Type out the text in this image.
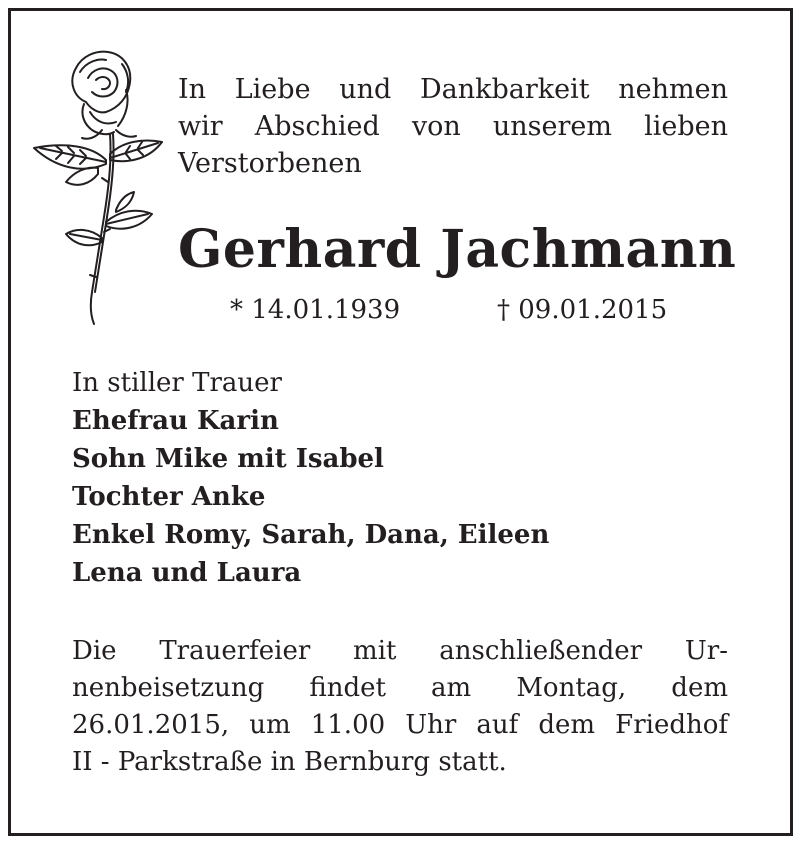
In Liebe und Dankbarkeit nehmen
wir Abschied von unserem lieben
Verstorbenen

Gerhard Jachmann
* 14.01.1939	† 09.01.2015
In stiller Trauer
Ehefrau Karin
Sohn Mike mit Isabel
Tochter Anke
Enkel Romy, Sarah, Dana, Eileen
Lena und Laura

Die Trauerfeier mit anschließender Ur-
nenbeisetzung findet am Montag, dem
26.01.2015, um 11.00 Uhr auf dem Friedhof
II - Parkstraße in Bernburg statt.
